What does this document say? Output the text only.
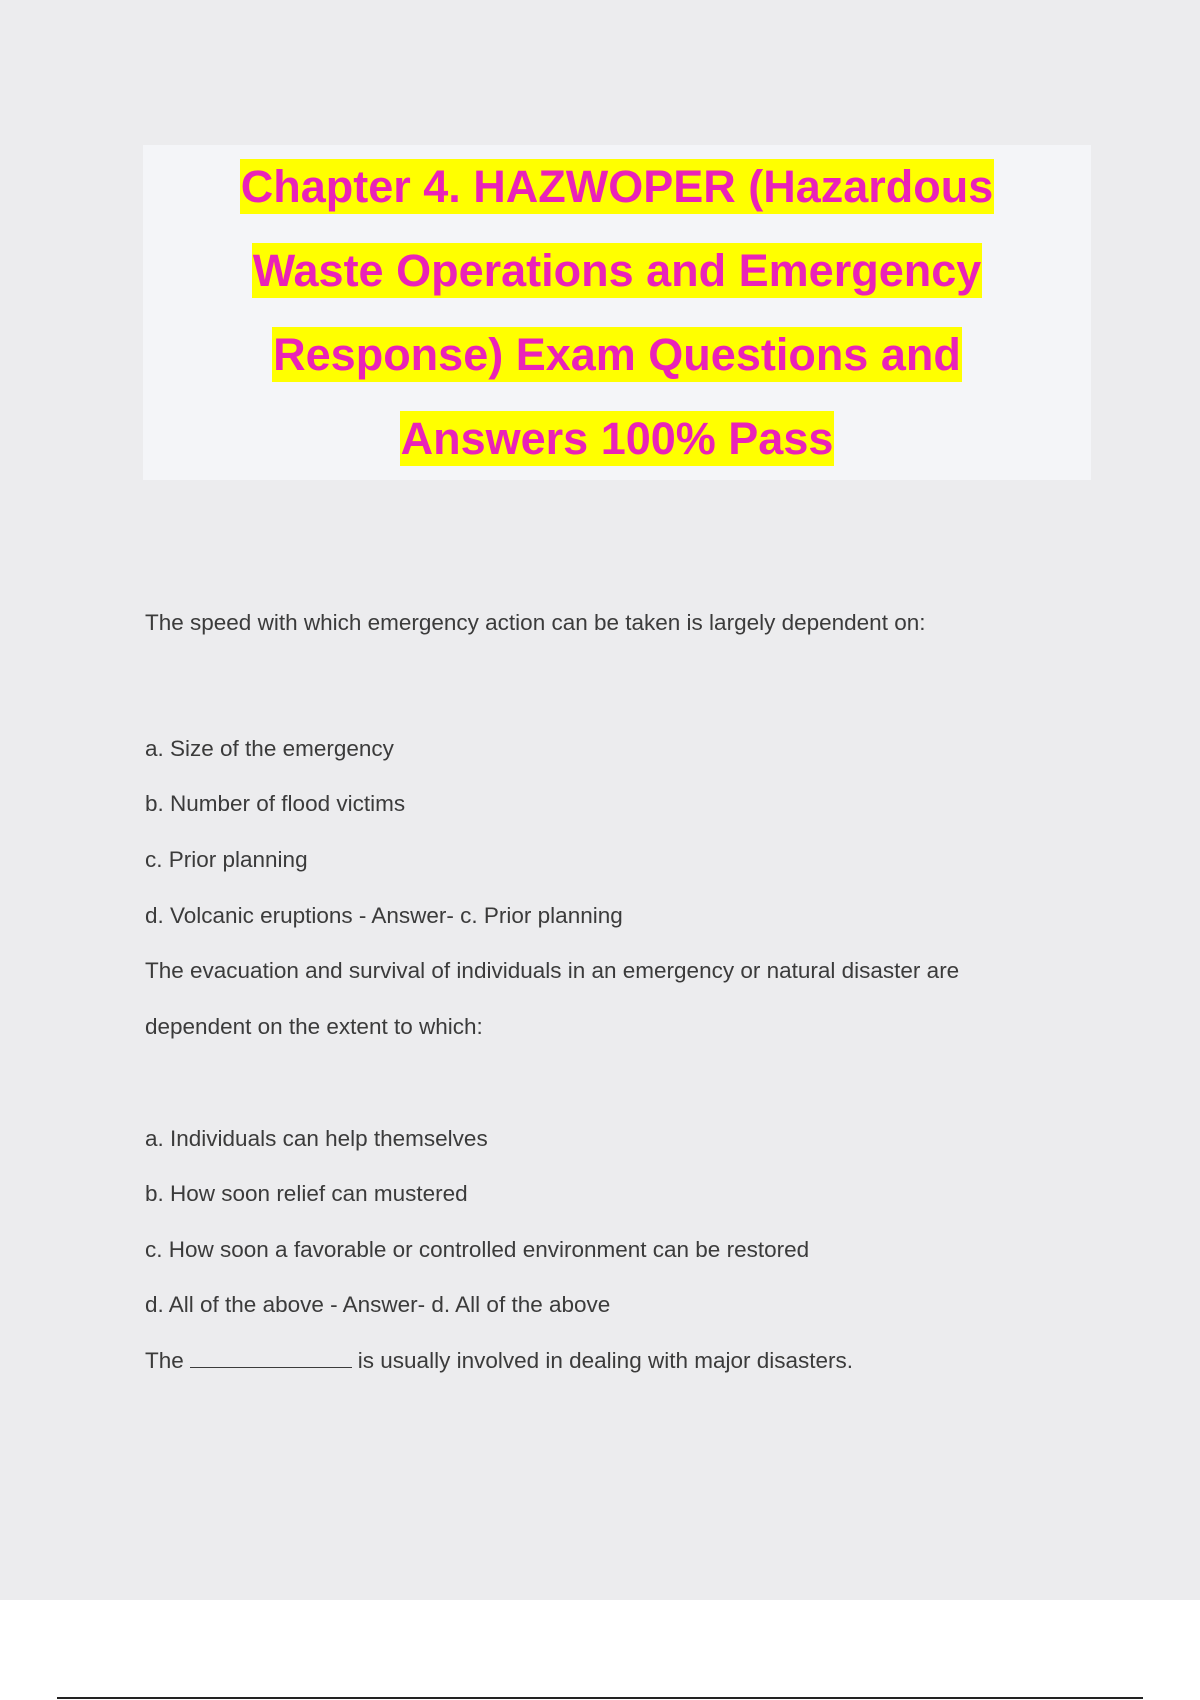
Chapter 4. HAZWOPER (Hazardous
Waste Operations and Emergency
Response) Exam Questions and
Answers 100% Pass
The speed with which emergency action can be taken is largely dependent on:
a. Size of the emergency
b. Number of flood victims
c. Prior planning
d. Volcanic eruptions - Answer- c. Prior planning
The evacuation and survival of individuals in an emergency or natural disaster are
dependent on the extent to which:
a. Individuals can help themselves
b. How soon relief can mustered
c. How soon a favorable or controlled environment can be restored
d. All of the above - Answer- d. All of the above
The	is usually involved in dealing with major disasters.
